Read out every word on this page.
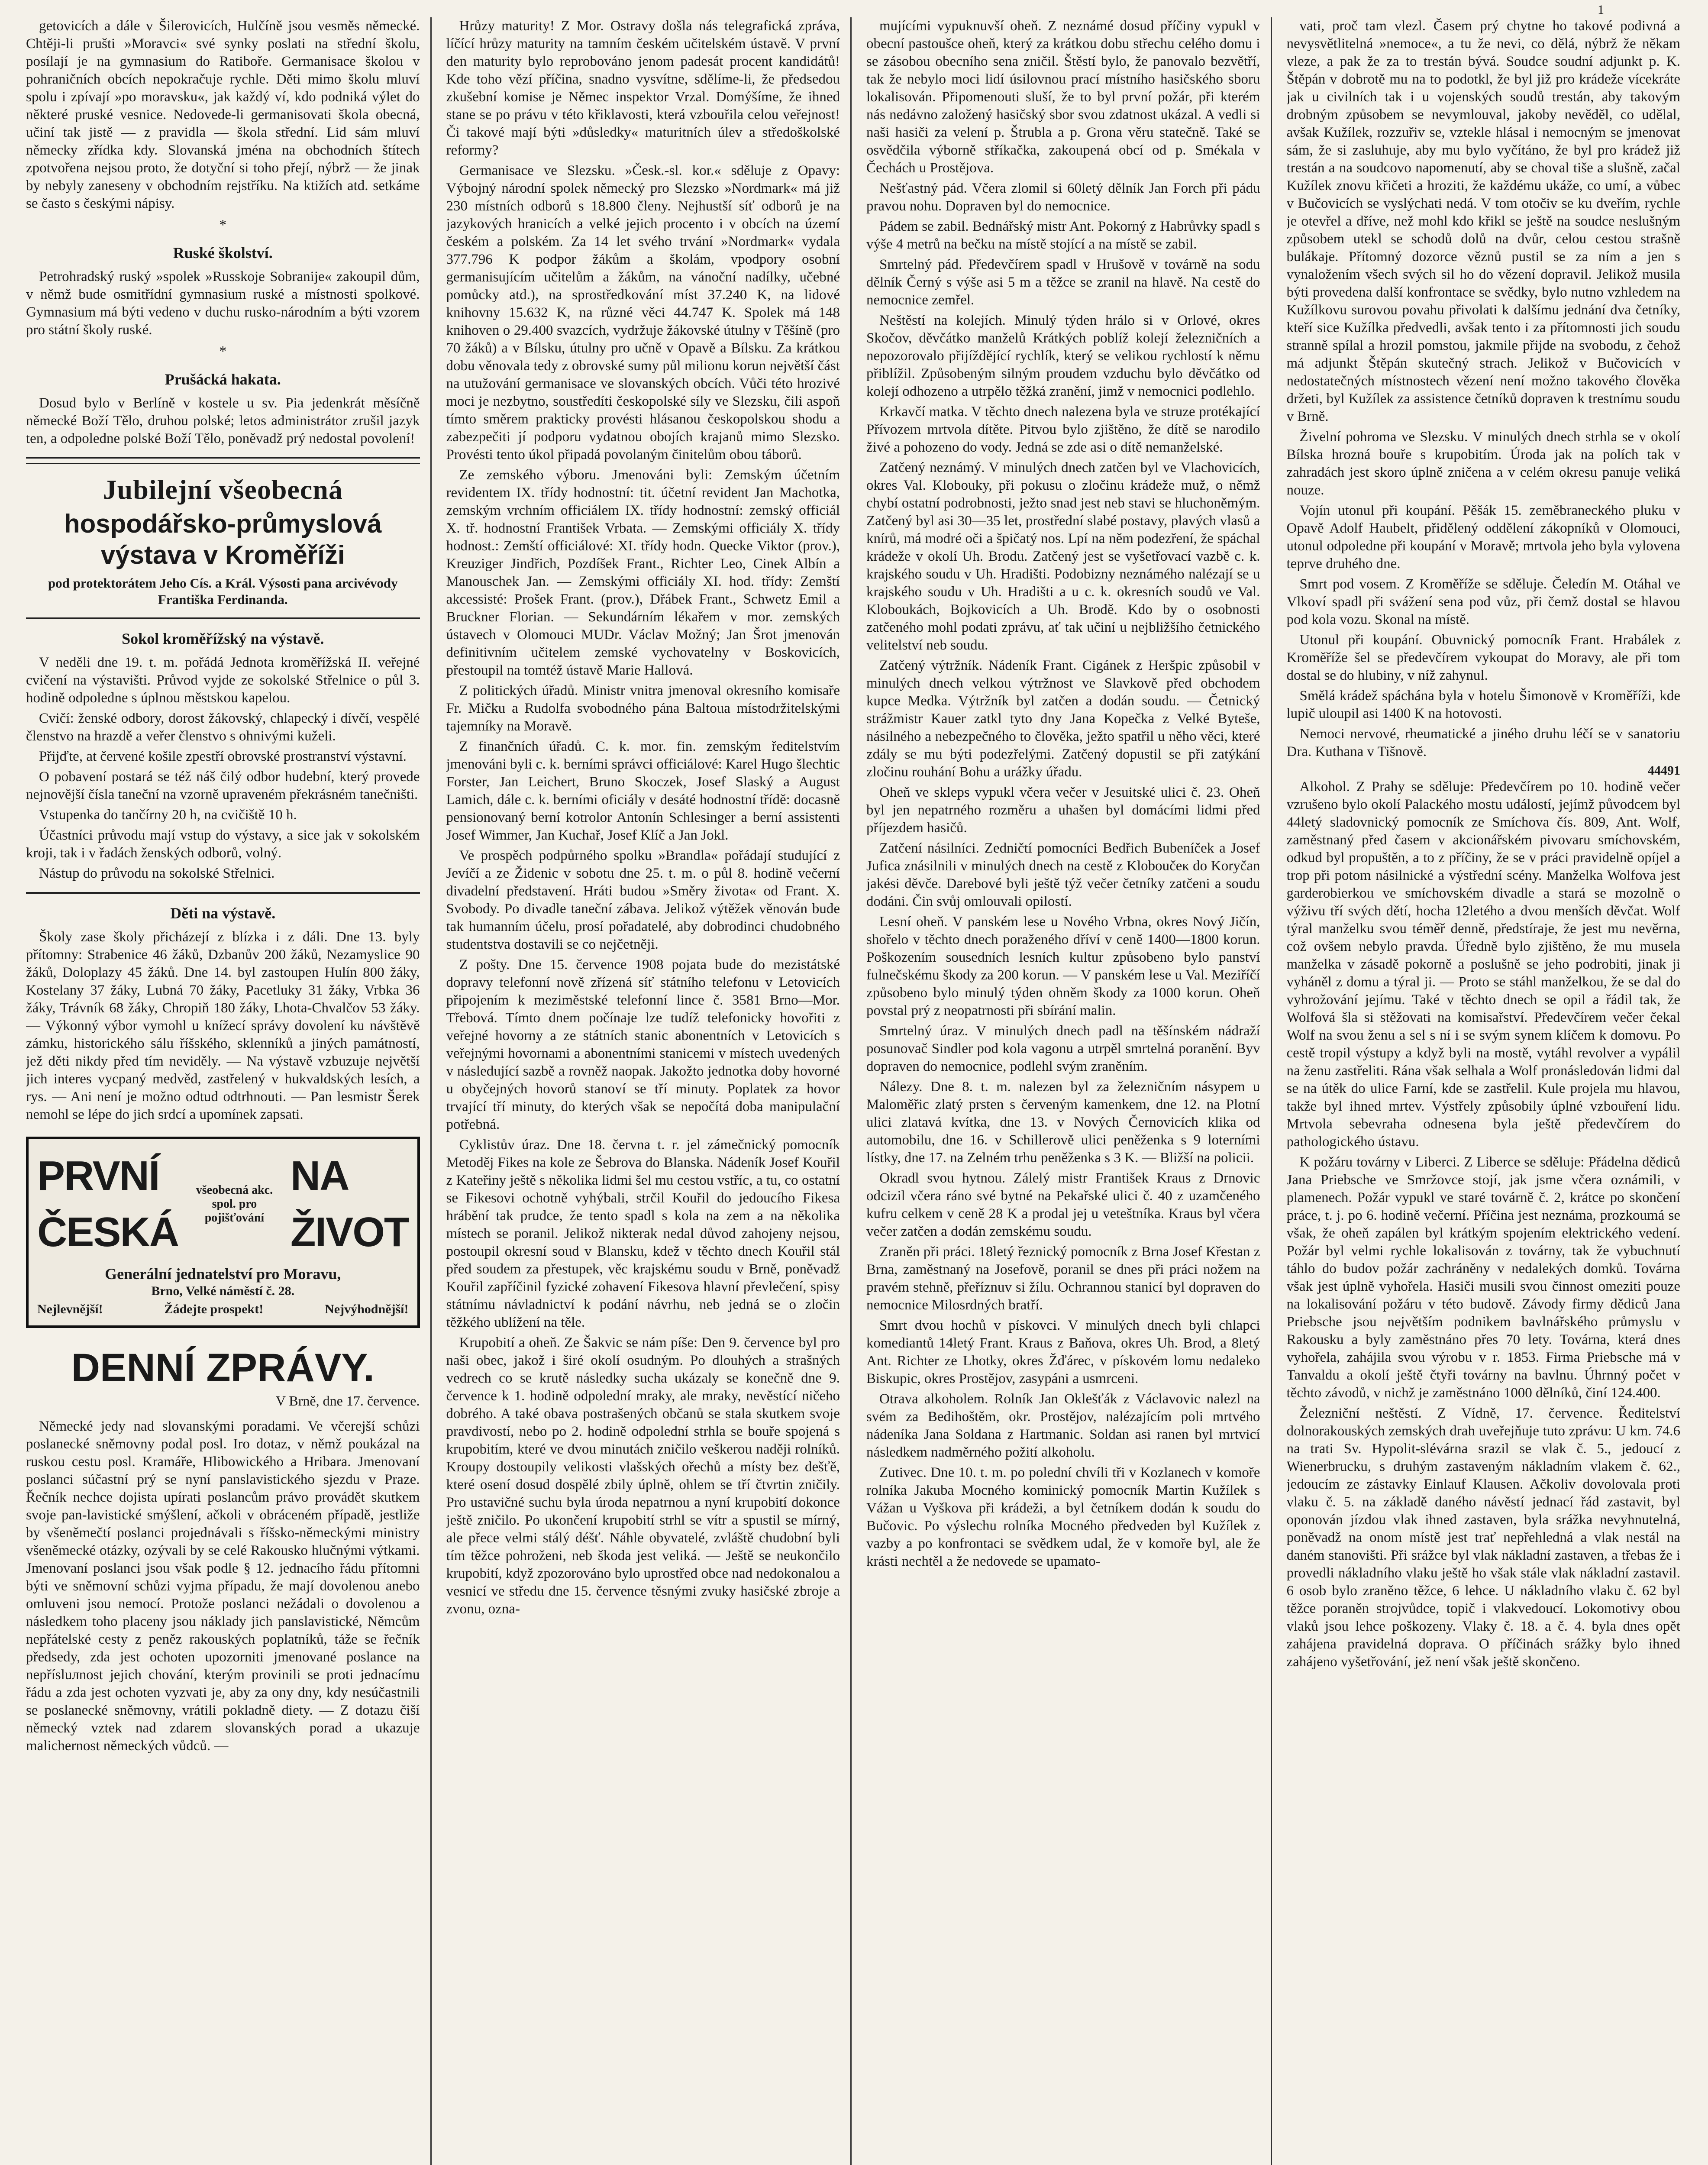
1

getovicích a dále v Šilerovicích, Hulčíně jsou vesměs německé. Chtěji-li prušti »Moravci« své synky poslati na střední školu, posílají je na gymnasium do Ratiboře. Germanisace školou v pohraničních obcích nepokračuje rychle. Děti mimo školu mluví spolu i zpívají »po moravsku«, jak každý ví, kdo podniká výlet do některé pruské vesnice. Nedovede-li germanisovati škola obecná, učiní tak jistě — z pravidla — škola střední. Lid sám mluví německy zřídka kdy. Slovanská jména na obchodních štítech zpotvořena nejsou proto, že dotyční si toho přejí, nýbrž — že jinak by nebyly zaneseny v obchodním rejstříku. Na ktižích atd. setkáme se často s českými nápisy.

*
Ruské školství.

Petrohradský ruský »spolek »Russkoje Sobranije« zakoupil dům, v němž bude osmitřídní gymnasium ruské a místnosti spolkové. Gymnasium má býti vedeno v duchu rusko-národním a býti vzorem pro státní školy ruské.

*
Prušácká hakata.

Dosud bylo v Berlíně v kostele u sv. Pia jedenkrát měsíčně německé Boží Tělo, druhou polské; letos administrátor zrušil jazyk ten, a odpoledne polské Boží Tělo, poněvadž prý nedostal povolení!

Jubilejní všeobecná
hospodářsko-průmyslová výstava v Kroměříži
pod protektorátem Jeho Cís. a Král. Výsosti pana arcivévody Františka Ferdinanda.
Sokol kroměřížský na výstavě.

V neděli dne 19. t. m. pořádá Jednota kroměřížská II. veřejné cvičení na výstavišti. Průvod vyjde ze sokolské Střelnice o půl 3. hodině odpoledne s úplnou městskou kapelou.

Cvičí: ženské odbory, dorost žákovský, chlapecký i dívčí, vespělé členstvo na hrazdě a veřer členstvo s ohnivými kuželi.

Přijďte, at červené košile zpestří obrovské prostranství výstavní.

O pobavení postará se též náš čilý odbor hudební, který provede nejnovější čísla taneční na vzorně upraveném překrásném tanečništi.

Vstupenka do tančírny 20 h, na cvičiště 10 h.

Účastníci průvodu mají vstup do výstavy, a sice jak v sokolském kroji, tak i v řadách ženských odborů, volný.

Nástup do průvodu na sokolské Střelnici.

Děti na výstavě.

Školy zase školy přicházejí z blízka i z dáli. Dne 13. byly přítomny: Strabenice 46 žáků, Dzbanův 200 žáků, Nezamyslice 90 žáků, Doloplazy 45 žáků. Dne 14. byl zastoupen Hulín 800 žáky, Kostelany 37 žáky, Lubná 70 žáky, Pacetluky 31 žáky, Vrbka 36 žáky, Trávník 68 žáky, Chropiň 180 žáky, Lhota-Chvalčov 53 žáky. — Výkonný výbor vymohl u knížecí správy dovolení ku návštěvě zámku, historického sálu říšského, sklenníků a jiných památností, jež děti nikdy před tím neviděly. — Na výstavě vzbuzuje největší jich interes vycpaný medvěd, zastřelený v hukvaldských lesích, a rys. — Ani není je možno odtud odtrhnouti. — Pan lesmistr Šerek nemohl se lépe do jich srdcí a upomínek zapsati.

PRVNÍ ČESKÁ
všeobecná akc. spol. pro pojišťování
NA ŽIVOT
Generální jednatelství pro Moravu,
Brno, Velké náměstí č. 28.
Nejlevnější!	Žádejte prospekt!	Nejvýhodnější!
DENNÍ ZPRÁVY.
V Brně, dne 17. července.

Německé jedy nad slovanskými poradami. Ve včerejší schůzi poslanecké sněmovny podal posl. Iro dotaz, v němž poukázal na ruskou cestu posl. Kramáře, Hlibowického a Hribara. Jmenovaní poslanci súčastní prý se nyní panslavistického sjezdu v Praze. Řečník nechce dojistа upírati poslancům právo provádět skutkem svoje pan-lavistické smýšlení, ačkoli v obráceném případě, jestliže by všeněmečtí poslanci projednávali s říšsko-německými ministry všeněmecké otázky, ozývali by se celé Rakousko hlučnými výtkami. Jmenovaní poslanci jsou však podle § 12. jednacího řádu přítomni býti ve sněmovní schůzi vyjma případu, že mají dovolenou anebo omluveni jsou nemocí. Protože poslanci nežádali o dovolenou a následkem toho placeny jsou náklady jich panslavistické, Němcům nepřátelské cesty z peněz rakouských poplatníků, táže se řečník předsedy, zda jest ochoten upozorniti jmenované poslance na nepřísluлnost jejich chování, kterým provinili se proti jednacímu řádu a zda jest ochoten vyzvati je, aby za ony dny, kdy nesúčastnili se poslanecké sněmovny, vrátili pokladně diety. — Z dotazu čiší německý vztek nad zdarem slovanských porad a ukazuje malichernost německých vůdců. —

Hrůzy maturity! Z Mor. Ostravy došla nás telegrafická zpráva, líčící hrůzy maturity na tamním českém učitelském ústavě. V první den maturity bylo reprobováno jenom padesát procent kandidátů! Kde toho vězí příčina, snadno vysvítne, sdělíme-li, že předsedou zkušební komise je Němec inspektor Vrzal. Domýšíme, že ihned stane se po právu v této křiklavosti, která vzbouřila celou veřejnost! Či takové mají býti »důsledky« maturitních úlev a středoškolské reformy?

Germanisace ve Slezsku. »Česk.-sl. kor.« sděluje z Opavy: Výbojný národní spolek německý pro Slezsko »Nordmark« má již 230 místních odborů s 18.800 členy. Nejhustší síť odborů je na jazykových hranicích a velké jejich procento i v obcích na území českém a polském. Za 14 let svého trvání »Nordmark« vydala 377.796 K podpor žákům a školám, vpodpory osobní germanisujícím učitelům a žákům, na vánoční nadílky, učebné pomůcky atd.), na sprostředkování míst 37.240 K, na lidové knihovny 15.632 K, na různé věci 44.747 K. Spolek má 148 knihoven o 29.400 svazcích, vydržuje žákovské útulny v Těšíně (pro 70 žáků) a v Bílsku, útulny pro učně v Opavě a Bílsku. Za krátkou dobu věnovala tedy z obrovské sumy půl milionu korun největší část na utužování germanisace ve slovanských obcích. Vůči této hrozivé moci je nezbytno, soustředíti českopolské síly ve Slezsku, čili aspoň tímto směrem prakticky provésti hlásanou českopolskou shodu a zabezpečiti jí podporu vydatnou obojích krajanů mimo Slezsko. Provésti tento úkol připadá povolaným činitelům obou táborů.

Ze zemského výboru. Jmenováni byli: Zemským účetním revidentem IX. třídy hodnostní: tit. účetní revident Jan Machotka, zemským vrchním officiálem IX. třídy hodnostní: zemský officiál X. tř. hodnostní František Vrbata. — Zemskými officiály X. třídy hodnost.: Zemští officiálové: XI. třídy hodn. Quecke Viktor (prov.), Kreuziger Jindřich, Pozdíšek Frant., Richter Leo, Cinek Albín a Manouschek Jan. — Zemskými officiály XI. hod. třídy: Zemští akcessisté: Prošek Frant. (prov.), Dřábek Frant., Schwetz Emil a Bruckner Florian. — Sekundárním lékařem v mor. zemských ústavech v Olomouci MUDr. Václav Možný; Jan Šrot jmenován definitivním učitelem zemské vychovatelny v Boskovicích, přestoupil na tomtéž ústavě Marie Hallová.

Z politických úřadů. Ministr vnitra jmenoval okresního komisaře Fr. Mičku a Rudolfa svobodného pána Baltoua místodržitelskými tajemníky na Moravě.

Z finančních úřadů. C. k. mor. fin. zemským ředitelstvím jmenováni byli c. k. berními správci officiálové: Karel Hugo šlechtic Forster, Jan Leichert, Bruno Skoczek, Josef Slaský a August Lamich, dále c. k. berními oficiály v desáté hodnostní třídě: docasně pensionovaný berní kotrolor Antonín Schlesinger a berní assistenti Josef Wimmer, Jan Kuchař, Josef Klíč a Jan Jokl.

Ve prospěch podpůrného spolku »Brandla« pořádají studující z Jevíčí a ze Židenic v sobotu dne 25. t. m. o půl 8. hodině večerní divadelní představení. Hráti budou »Směry života« od Frant. X. Svobody. Po divadle taneční zábava. Jelikož výtěžek věnován bude tak humanním účelu, prosí pořadatelé, aby dobrodinci chudobného studentstva dostavili se co nejčetněji.

Z pošty. Dne 15. července 1908 pojata bude do mezistátské dopravy telefonní nově zřízená síť státního telefonu v Letovicích připojením k meziměstské telefonní lince č. 3581 Brno—Mor. Třebová. Tímto dnem počínaje lze tudíž telefonicky hovořiti z veřejné hovorny a ze státních stanic abonentních v Letovicích s veřejnými hovornami a abonentními stanicemi v místech uvedených v následující sazbě a rovněž naopak. Jakožto jednotka doby hovorné u obyčejných hovorů stanoví se tří minuty. Poplatek za hovor trvající tří minuty, do kterých však se nepočítá doba manipulační potřebná.

Cyklistův úraz. Dne 18. června t. r. jel zámečnický pomocník Metoděj Fikes na kole ze Šebrova do Blanska. Nádeník Josef Kouřil z Kateřiny ještě s několika lidmi šel mu cestou vstříc, a tu, co ostatní se Fikesovi ochotně vyhýbali, strčil Kouřil do jedoucího Fikesa hrábění tak prudce, že tento spadl s kola na zem a na několika místech se poranil. Jelikož nikterak nedal důvod zahojeny nejsou, postoupil okresní soud v Blansku, kdež v těchto dnech Kouřil stál před soudem za přestupek, věc krajskému soudu v Brně, poněvadž Kouřil zapříčinil fyzické zohavení Fikesova hlavní převlečení, spisy státnímu návladnictví k podání návrhu, neb jedná se o zločin těžkého ublížení na těle.

Krupobití a oheň. Ze Šakvic se nám píše: Den 9. července byl pro naši obec, jakož i širé okolí osudným. Po dlouhých a strašných vedrech co se krutě následky sucha ukázaly se konečně dne 9. července k 1. hodině odpolední mraky, ale mraky, nevěstící ničeho dobrého. A také obava postrašených občanů se stala skutkem svoje pravdivostí, nebo po 2. hodině odpolední strhla se bouře spojená s krupobitím, které ve dvou minutách zničilo veškerou naději rolníků. Kroupy dostoupily velikosti vlašských ořechů a místy bez dešťě, které osení dosud dospělé zbily úplně, ohlem se tří čtvrtin zničily. Pro ustavičné suchu byla úroda nepatrnou a nyní krupobití dokonce ještě zničilo. Po ukončení krupobití strhl se vítr a spustil se mírný, ale přece velmi stálý déšť. Náhle obyvatelé, zvláště chudobní byli tím těžce pohroženi, neb škoda jest veliká. — Ještě se neukončilo krupobití, když zpozorováno bylo uprostřed obce nad nedokonalou a vesnicí ve středu dne 15. července těsnými zvuky hasičské zbroje a zvonu, ozna-

mujícími vypuknuvší oheň. Z neznámé dosud příčiny vypukl v obecní pastoušce oheň, který za krátkou dobu střechu celého domu i se zásobou obecního sena zničil. Štěstí bylo, že panovalo bezvětří, tak že nebylo moci lidí úsilovnou prací místního hasičského sboru lokalisován. Připomenouti sluší, že to byl první požár, při kterém nás nedávno založený hasičský sbor svou zdatnost ukázal. A vedli si naši hasiči za velení p. Štrubla a p. Grona věru statečně. Také se osvědčila výborně stříkačka, zakoupená obcí od p. Smékala v Čechách u Prostějova.

Nešťastný pád. Včera zlomil si 60letý dělník Jan Forch při pádu pravou nohu. Dopraven byl do nemocnice.

Pádem se zabil. Bednářský mistr Ant. Pokorný z Habrůvky spadl s výše 4 metrů na bečku na místě stojící a na místě se zabil.

Smrtelný pád. Předevčírem spadl v Hrušově v továrně na sodu dělník Černý s výše asi 5 m a těžce se zranil na hlavě. Na cestě do nemocnice zemřel.

Neštěstí na kolejích. Minulý týden hrálo si v Orlové, okres Skočov, děvčátko manželů Krátkých poblíž kolejí železničních a nepozorovalo přijíždějící rychlík, který se velikou rychlostí k němu přiblížil. Způsobeným silným proudem vzduchu bylo děvčátko od kolejí odhozeno a utrpělo těžká zranění, jimž v nemocnici podlehlo.

Krkavčí matka. V těchto dnech nalezena byla ve struze protékající Přívozem mrtvola dítěte. Pitvou bylo zjištěno, že dítě se narodilo živé a pohozeno do vody. Jedná se zde asi o dítě nemanželské.

Zatčený neznámý. V minulých dnech zatčen byl ve Vlachovicích, okres Val. Klobouky, při pokusu o zločinu krádeže muž, o němž chybí ostatní podrobnosti, ježto snad jest neb stavi se hluchoněmým. Zatčený byl asi 30—35 let, prostřední slabé postavy, plavých vlasů a knírů, má modré oči a špičatý nos. Lpí na něm podezření, že spáchal krádeže v okolí Uh. Brodu. Zatčený jest se vyšetřovací vazbě c. k. krajského soudu v Uh. Hradišti. Podobizny neznámého nalézají se u krajského soudu v Uh. Hradišti a u c. k. okresních soudů ve Val. Kloboukách, Bojkovicích a Uh. Brodě. Kdo by o osobnosti zatčeného mohl podati zprávu, ať tak učiní u nejbližšího četnického velitelství neb soudu.

Zatčený výtržník. Nádeník Frant. Cigánek z Heršpic způsobil v minulých dnech velkou výtržnost ve Slavkově před obchodem kupce Medka. Výtržník byl zatčen a dodán soudu. — Četnický strážmistr Kauer zatkl tyto dny Jana Kopečka z Velké Byteše, násilného a nebezpečného to člověka, ježto spatřil u něho věci, které zdály se mu býti podezřelými. Zatčený dopustil se při zatýkání zločinu rouhání Bohu a urážky úřadu.

Oheň ve skleps vypukl včera večer v Jesuitské ulici č. 23. Oheň byl jen nepatrného rozměru a uhašen byl domácími lidmi před příjezdem hasičů.

Zatčení násilníci. Zedničtí pomocníci Bedřich Bubeníček a Josef Jufica znásilnili v minulých dnech na cestě z Kloboučeк do Koryčan jakési děvče. Darebové byli ještě týž večer četníky zatčeni a soudu dodáni. Čin svůj omlouvali opilostí.

Lesní oheň. V panském lese u Nového Vrbna, okres Nový Jičín, shořelo v těchto dnech poraženého dříví v ceně 1400—1800 korun. Poškozením sousedních lesních kultur způsobeno bylo panství fulnečskému škody za 200 korun. — V panském lese u Val. Meziříčí způsobeno bylo minulý týden ohněm škody za 1000 korun. Oheň povstal prý z neopatrnosti při sbírání malin.

Smrtelný úraz. V minulých dnech padl na těšínském nádraží posunovač Sindler pod kola vagonu a utrpěl smrtelná poranění. Byv dopraven do nemocnice, podlehl svým zraněním.

Nálezy. Dne 8. t. m. nalezen byl za železničním násypem u Maloměřic zlatý prsten s červeným kamenkem, dne 12. na Plotní ulici zlatavá kvítka, dne 13. v Nových Černovicích klika od automobilu, dne 16. v Schillerově ulici peněženka s 9 loterními lístky, dne 17. na Zelném trhu peněženka s 3 K. — Bližší na policii.

Okradl svou hytnou. Zálelý mistr František Kraus z Drnovic odcizil včera ráno své bytné na Pekařské ulici č. 40 z uzamčeného kufru celkem v ceně 28 K a prodal jej u veteštníka. Kraus byl včera večer zatčen a dodán zemskému soudu.

Zraněn při práci. 18letý řeznický pomocník z Brna Josef Křestan z Brna, zaměstnaný na Josefově, poranil se dnes při práci nožem na pravém stehně, přeříznuv si žílu. Ochrannou stanicí byl dopraven do nemocnice Milosrdných bratří.

Smrt dvou hochů v pískovci. V minulých dnech byli chlapci komediantů 14letý Frant. Kraus z Baňova, okres Uh. Brod, a 8letý Ant. Richter ze Lhotky, okres Žďárec, v pískovém lomu nedaleko Biskupic, okres Prostějov, zasypáni a usmrceni.

Otrava alkoholem. Rolník Jan Oklešťák z Václavovic nalezl na svém za Bedihoštěm, okr. Prostějov, nalézajícím poli mrtvého nádeníka Jana Soldana z Hartmanic. Soldan asi ranen byl mrtvicí následkem nadměrného požití alkoholu.

Zutivec. Dne 10. t. m. po polední chvíli tři v Kozlanech v komoře rolníka Jakuba Mocného kominický pomocník Martin Kužílek s Vážan u Vyškova při krádeži, a byl četníkem dodán k soudu do Bučovic. Po výslechu rolníka Mocného předveden byl Kužílek z vazby a po konfrontaci se svědkem udal, že v komoře byl, ale že krásti nechtěl a že nedovede se upamato-

vati, proč tam vlezl. Časem prý chytne ho takové podivná a nevysvětlitelná »nemoce«, a tu že nevi, co dělá, nýbrž že někam vleze, a pak že za to trestán bývá. Soudce soudní adjunkt p. K. Štěpán v dobrotě mu na to podotkl, že byl již pro krádeže vícekráte jak u civilních tak i u vojenských soudů trestán, aby takovým drobným způsobem se nevymlouval, jakoby nevěděl, co udělal, avšak Kužílek, rozzuřiv se, vztekle hlásal i nemocným se jmenovat sám, že si zasluhuje, aby mu bylo vyčítáno, že byl pro krádež již trestán a na soudcovo napomenutí, aby se choval tiše a slušně, začal Kužílek znovu křičeti a hroziti, že každému ukáže, co umí, a vůbec v Bučovicích se vyslýchati nedá. V tom otočiv se ku dveřím, rychle je otevřel a dříve, než mohl kdo křikl se ještě na soudce neslušným způsobem utekl se schodů dolů na dvůr, celou cestou strašně bulákaje. Přítomný dozorce věznů pustil se za ním a jen s vynaložením všech svých sil ho do vězení dopravil. Jelikož musila býti provedena další konfrontace se svědky, bylo nutno vzhledem na Kužílkovu surovou povahu přivolati k dalšímu jednání dva četníky, kteří sice Kužílka předvedli, avšak tento i za přítomnosti jich soudu stranně spílal a hrozil pomstou, jakmile přijde na svobodu, z čehož má adjunkt Štěpán skutečný strach. Jelikož v Bučovicích v nedostatečných místnostech vězení není možno takového člověka držeti, byl Kužílek za assistence četníků dopraven k trestnímu soudu v Brně.

Živelní pohroma ve Slezsku. V minulých dnech strhla se v okolí Bílska hrozná bouře s krupobitím. Úroda jak na polích tak v zahradách jest skoro úplně zničena a v celém okresu panuje veliká nouze.

Vojín utonul při koupání. Pěšák 15. zeměbraneckého pluku v Opavě Adolf Haubelt, přidělený oddělení zákopníků v Olomouci, utonul odpoledne při koupání v Moravě; mrtvola jeho byla vylovena teprve druhého dne.

Smrt pod vosem. Z Kroměříže se sděluje. Čeledín M. Otáhal ve Vlkoví spadl při svážení sena pod vůz, při čemž dostal se hlavou pod kola vozu. Skonal na místě.

Utonul při koupání. Obuvnický pomocník Frant. Hrabálek z Kroměříže šel se předevčírem vykoupat do Moravy, ale při tom dostal se do hlubiny, v níž zahynul.

Smělá krádež spáchána byla v hotelu Šimonově v Kroměříži, kde lupič uloupil asi 1400 K na hotovosti.

Nemoci nervové, rheumatické a jiného druhu léčí se v sanatoriu Dra. Kuthana v Tišnově.

44491

Alkohol. Z Prahy se sděluje: Předevčírem po 10. hodině večer vzrušeno bylo okolí Palackého mostu událostí, jejímž původcem byl 44letý sladovnický pomocník ze Smíchova čís. 809, Ant. Wolf, zaměstnaný před časem v akcionářském pivovaru smíchovském, odkud byl propuštěn, a to z příčiny, že se v práci pravidelně opíjel a trop při potom násilnické a výstřední scény. Manželka Wolfova jest garderobierkou ve smíchovském divadle a stará se mozolně o výživu tří svých dětí, hocha 12letého a dvou menších děvčat. Wolf týral manželku svou téměř denně, předstíraje, že jest mu nevěrna, což ovšem nebylo pravda. Úředně bylo zjištěno, že mu musela manželka v zásadě pokorně a poslušně se jeho podrobiti, jinak ji vyháněl z domu a týral ji. — Proto se stáhl manželkou, že se dal do vyhrožování jejímu. Také v těchto dnech se opil a řádil tak, že Wolfová šla si stěžovati na komisařství. Předevčírem večer čekal Wolf na svou ženu a sel s ní i se svým synem klíčem k domovu. Po cestě tropil výstupy a když byli na mostě, vytáhl revolver a vypálil na ženu zastřeliti. Rána však selhala a Wolf pronásledován lidmi dal se na útěk do ulice Farní, kde se zastřelil. Kule projela mu hlavou, takže byl ihned mrtev. Výstřely způsobily úplné vzbouření lidu. Mrtvola sebevraha odnesena byla ještě předevčírem do pathologického ústavu.

K požáru továrny v Liberci. Z Liberce se sděluje: Přádelna dědiců Jana Priebsche ve Smržovce stojí, jak jsme včera oznámili, v plamenech. Požár vypukl ve staré továrně č. 2, krátce po skončení práce, t. j. po 6. hodině večerní. Příčina jest neznáma, prozkoumá se však, že oheň zapálen byl krátkým spojením elektrického vedení. Požár byl velmi rychle lokalisován z továrny, tak že vybuchnutí táhlo do budov požár zachráněny v nedalekých domků. Továrna však jest úplně vyhořela. Hasiči musili svou činnost omeziti pouze na lokalisování požáru v této budově. Závody firmy dědiců Jana Priebsche jsou největším podnikem bavlnářského průmyslu v Rakousku a byly zaměstnáno přes 70 lety. Továrna, která dnes vyhořela, zahájila svou výrobu v r. 1853. Firma Priebsche má v Tanvaldu a okolí ještě čtyři továrny na bavlnu. Úhrnný počet v těchto závodů, v nichž je zaměstnáno 1000 dělníků, činí 124.400.

Železniční neštěstí. Z Vídně, 17. července. Ředitelství dolnorakouských zemských drah uveřejňuje tuto zprávu: U km. 74.6 na trati Sv. Hypolit-slévárna srazil se vlak č. 5., jedoucí z Wienerbrucku, s druhým zastaveným nákladním vlakem č. 62., jedoucím ze zástavky Einlauf Klausen. Ačkoliv dovolovala proti vlaku č. 5. na základě daného návěstí jednací řád zastavit, byl oponován jízdou vlak ihned zastaven, byla srážka nevyhnutelná, poněvadž na onom místě jest trať nepřehledná a vlak nestál na daném stanovišti. Při srážce byl vlak nákladní zastaven, a třebas že i provedli nákladního vlaku ještě ho však stále vlak nákladní zastavil. 6 osob bylo zraněno těžce, 6 lehce. U nákladního vlaku č. 62 byl těžce poraněn strojvůdce, topič i vlakvedoucí. Lokomotivy obou vlaků jsou lehce poškozeny. Vlaky č. 18. a č. 4. byla dnes opět zahájena pravidelná doprava. O příčinách srážky bylo ihned zahájeno vyšetřování, jež není však ještě skončeno.
